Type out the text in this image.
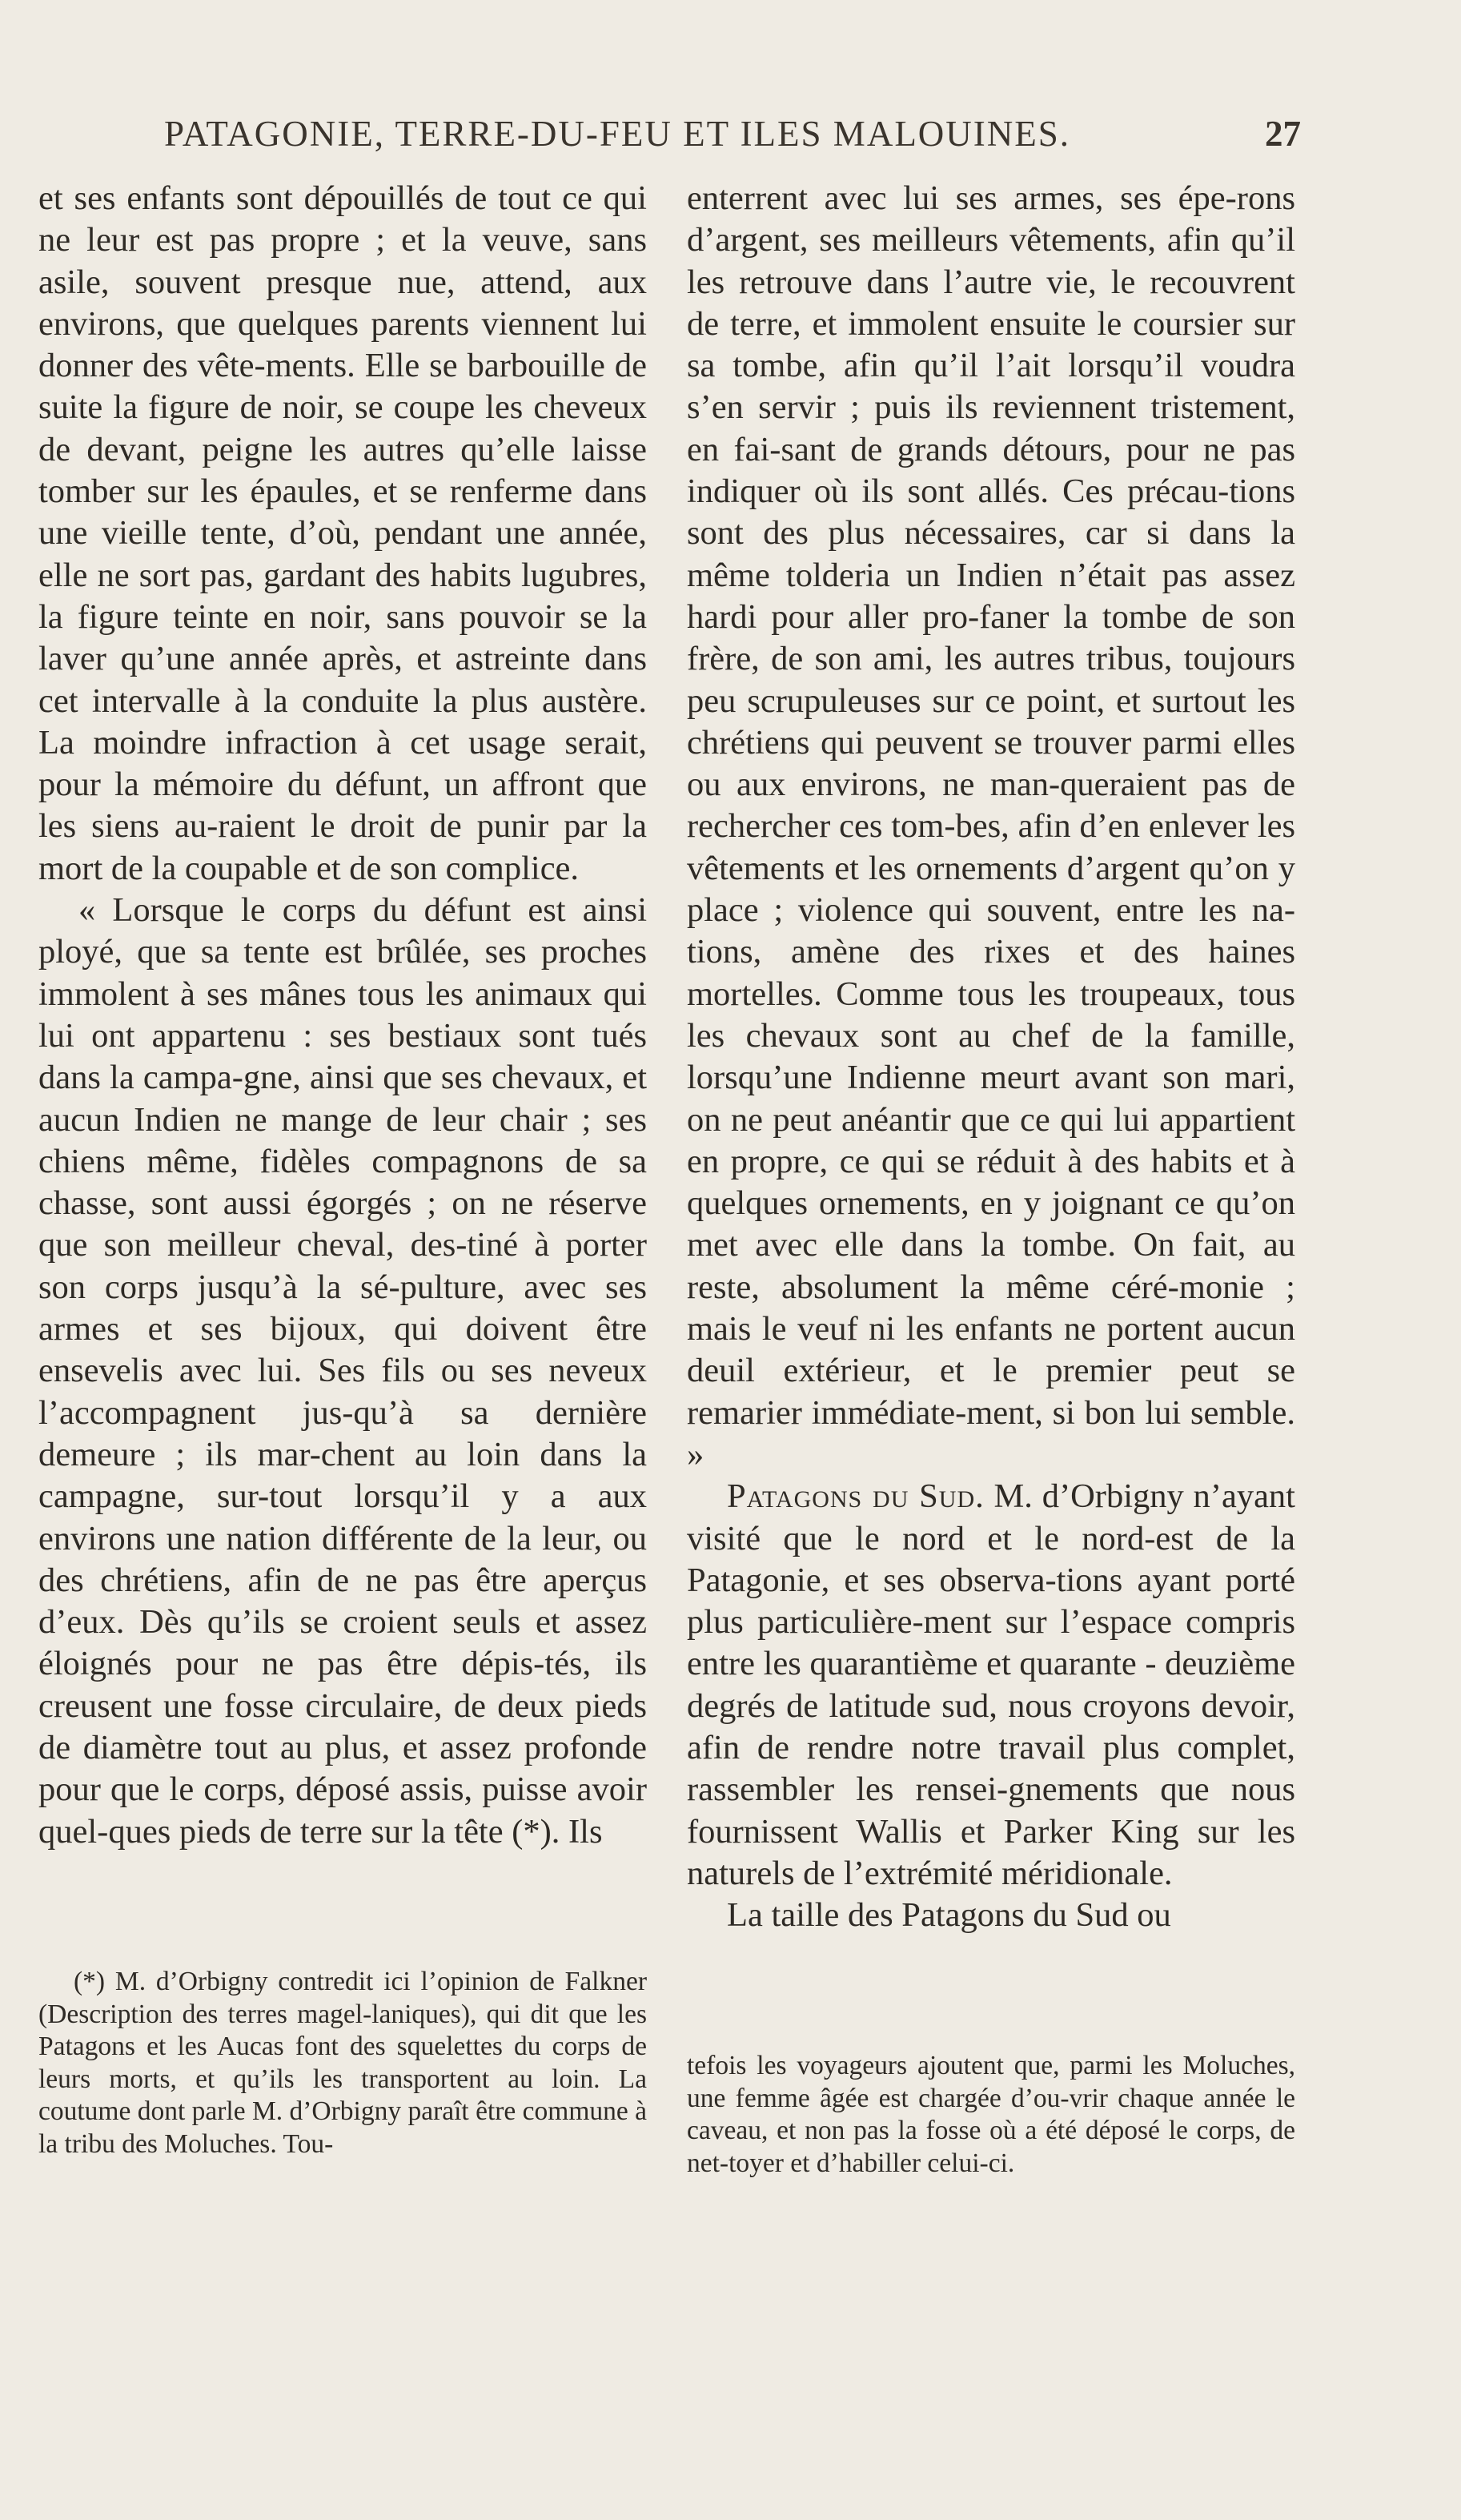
PATAGONIE, TERRE-DU-FEU ET ILES MALOUINES.	27

et ses enfants sont dépouillés de tout ce qui ne leur est pas propre ; et la veuve, sans asile, souvent presque nue, attend, aux environs, que quelques parents viennent lui donner des vête-ments. Elle se barbouille de suite la figure de noir, se coupe les cheveux de devant, peigne les autres qu’elle laisse tomber sur les épaules, et se renferme dans une vieille tente, d’où, pendant une année, elle ne sort pas, gardant des habits lugubres, la figure teinte en noir, sans pouvoir se la laver qu’une année après, et astreinte dans cet intervalle à la conduite la plus austère. La moindre infraction à cet usage serait, pour la mémoire du défunt, un affront que les siens au-raient le droit de punir par la mort de la coupable et de son complice.

« Lorsque le corps du défunt est ainsi ployé, que sa tente est brûlée, ses proches immolent à ses mânes tous les animaux qui lui ont appartenu : ses bestiaux sont tués dans la campa-gne, ainsi que ses chevaux, et aucun Indien ne mange de leur chair ; ses chiens même, fidèles compagnons de sa chasse, sont aussi égorgés ; on ne réserve que son meilleur cheval, des-tiné à porter son corps jusqu’à la sé-pulture, avec ses armes et ses bijoux, qui doivent être ensevelis avec lui. Ses fils ou ses neveux l’accompagnent jus-qu’à sa dernière demeure ; ils mar-chent au loin dans la campagne, sur-tout lorsqu’il y a aux environs une nation différente de la leur, ou des chrétiens, afin de ne pas être aperçus d’eux. Dès qu’ils se croient seuls et assez éloignés pour ne pas être dépis-tés, ils creusent une fosse circulaire, de deux pieds de diamètre tout au plus, et assez profonde pour que le corps, déposé assis, puisse avoir quel-ques pieds de terre sur la tête (*). Ils

enterrent avec lui ses armes, ses épe-rons d’argent, ses meilleurs vêtements, afin qu’il les retrouve dans l’autre vie, le recouvrent de terre, et immolent ensuite le coursier sur sa tombe, afin qu’il l’ait lorsqu’il voudra s’en servir ; puis ils reviennent tristement, en fai-sant de grands détours, pour ne pas indiquer où ils sont allés. Ces précau-tions sont des plus nécessaires, car si dans la même tolderia un Indien n’était pas assez hardi pour aller pro-faner la tombe de son frère, de son ami, les autres tribus, toujours peu scrupuleuses sur ce point, et surtout les chrétiens qui peuvent se trouver parmi elles ou aux environs, ne man-queraient pas de rechercher ces tom-bes, afin d’en enlever les vêtements et les ornements d’argent qu’on y place ; violence qui souvent, entre les na-tions, amène des rixes et des haines mortelles. Comme tous les troupeaux, tous les chevaux sont au chef de la famille, lorsqu’une Indienne meurt avant son mari, on ne peut anéantir que ce qui lui appartient en propre, ce qui se réduit à des habits et à quelques ornements, en y joignant ce qu’on met avec elle dans la tombe. On fait, au reste, absolument la même céré-monie ; mais le veuf ni les enfants ne portent aucun deuil extérieur, et le premier peut se remarier immédiate-ment, si bon lui semble. »

Patagons du Sud. M. d’Orbigny n’ayant visité que le nord et le nord-est de la Patagonie, et ses observa-tions ayant porté plus particulière-ment sur l’espace compris entre les quarantième et quarante - deuzième degrés de latitude sud, nous croyons devoir, afin de rendre notre travail plus complet, rassembler les rensei-gnements que nous fournissent Wallis et Parker King sur les naturels de l’extrémité méridionale.

La taille des Patagons du Sud ou

(*) M. d’Orbigny contredit ici l’opinion de Falkner (Description des terres magel-laniques), qui dit que les Patagons et les Aucas font des squelettes du corps de leurs morts, et qu’ils les transportent au loin. La coutume dont parle M. d’Orbigny paraît être commune à la tribu des Moluches. Tou-

tefois les voyageurs ajoutent que, parmi les Moluches, une femme âgée est chargée d’ou-vrir chaque année le caveau, et non pas la fosse où a été déposé le corps, de net-toyer et d’habiller celui-ci.
